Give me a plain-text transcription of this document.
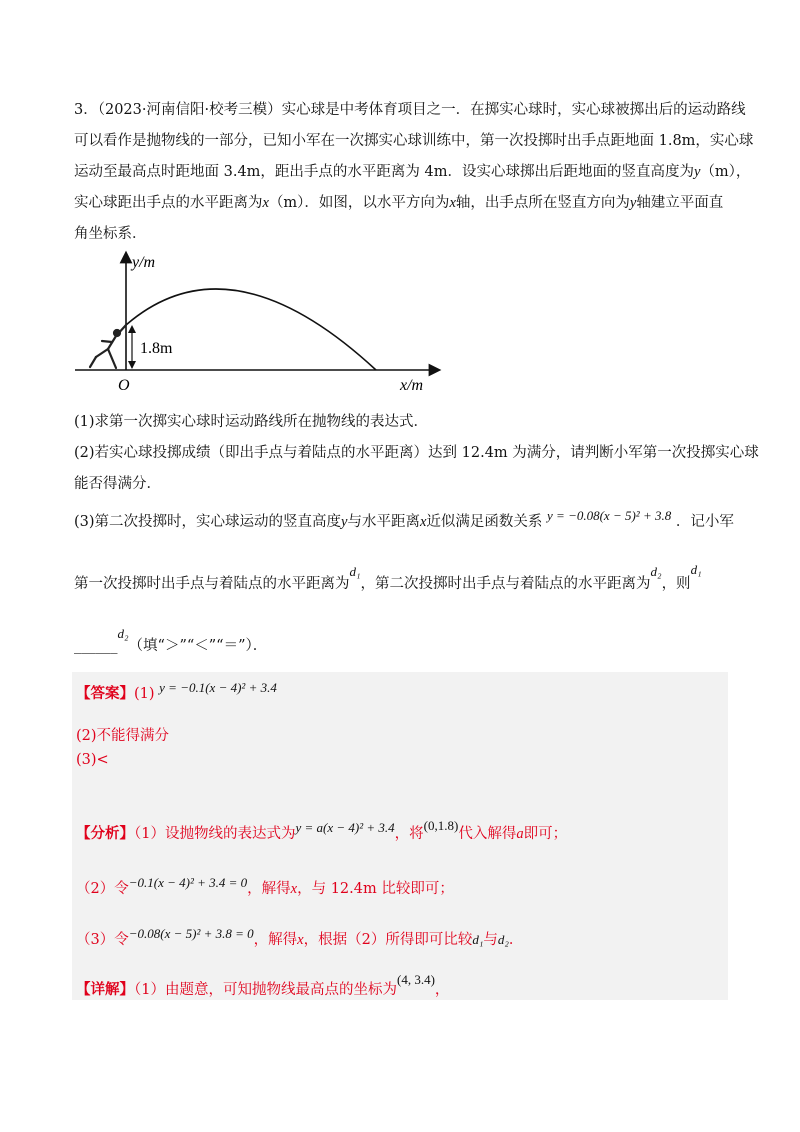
3．（2023·河南信阳·校考三模）实心球是中考体育项目之一．在掷实心球时，实心球被掷出后的运动路线
可以看作是抛物线的一部分，已知小军在一次掷实心球训练中，第一次投掷时出手点距地面 1.8m，实心球
运动至最高点时距地面 3.4m，距出手点的水平距离为 4m．设实心球掷出后距地面的竖直高度为y（m），
实心球距出手点的水平距离为x（m）．如图，以水平方向为x轴，出手点所在竖直方向为y轴建立平面直
角坐标系．
y/m
1.8m
O	x/m
(1)求第一次掷实心球时运动路线所在抛物线的表达式．
(2)若实心球投掷成绩（即出手点与着陆点的水平距离）达到 12.4m 为满分，请判断小军第一次投掷实心球
能否得满分．
(3)第二次投掷时，实心球运动的竖直高度y与水平距离x近似满足函数关系 y = −0.08(x − 5)² + 3.8 ．记小军
第一次投掷时出手点与着陆点的水平距离为d₁，第二次投掷时出手点与着陆点的水平距离为d₂，则d₁
______d₂（填“＞”“＜”“＝”）．
【答案】(1) y = −0.1(x − 4)² + 3.4
(2)不能得满分
(3)<
【分析】（1）设抛物线的表达式为y = a(x − 4)² + 3.4，将(0,1.8)代入解得a即可；
（2）令−0.1(x − 4)² + 3.4 = 0，解得x，与 12.4m 比较即可；
（3）令−0.08(x − 5)² + 3.8 = 0，解得x，根据（2）所得即可比较d₁与d₂．
【详解】（1）由题意，可知抛物线最高点的坐标为(4, 3.4)，
